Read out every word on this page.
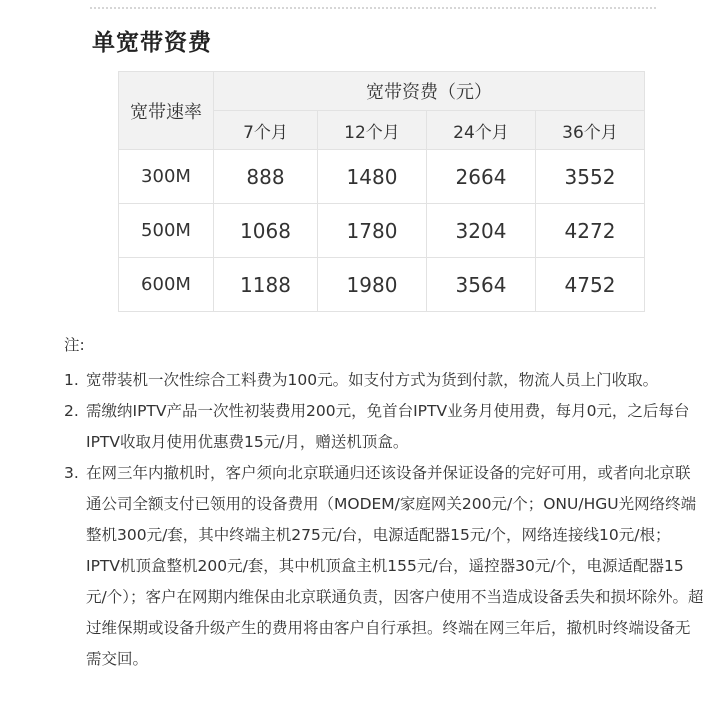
单宽带资费
宽带速率	宽带资费（元）			
	7个月	12个月	24个月	36个月
300M	888	1480	2664	3552
500M	1068	1780	3204	4272
600M	1188	1980	3564	4752
注:
1. 宽带装机一次性综合工料费为100元。如支付方式为货到付款，物流人员上门收取。
2. 需缴纳IPTV产品一次性初装费用200元，免首台IPTV业务月使用费，每月0元，之后每台IPTV收取月使用优惠费15元/月，赠送机顶盒。
3. 在网三年内撤机时，客户须向北京联通归还该设备并保证设备的完好可用，或者向北京联通公司全额支付已领用的设备费用（MODEM/家庭网关200元/个；ONU/HGU光网络终端整机300元/套，其中终端主机275元/台，电源适配器15元/个，网络连接线10元/根；IPTV机顶盒整机200元/套，其中机顶盒主机155元/台，遥控器30元/个，电源适配器15元/个）；客户在网期内维保由北京联通负责，因客户使用不当造成设备丢失和损坏除外。超过维保期或设备升级产生的费用将由客户自行承担。终端在网三年后，撤机时终端设备无需交回。
